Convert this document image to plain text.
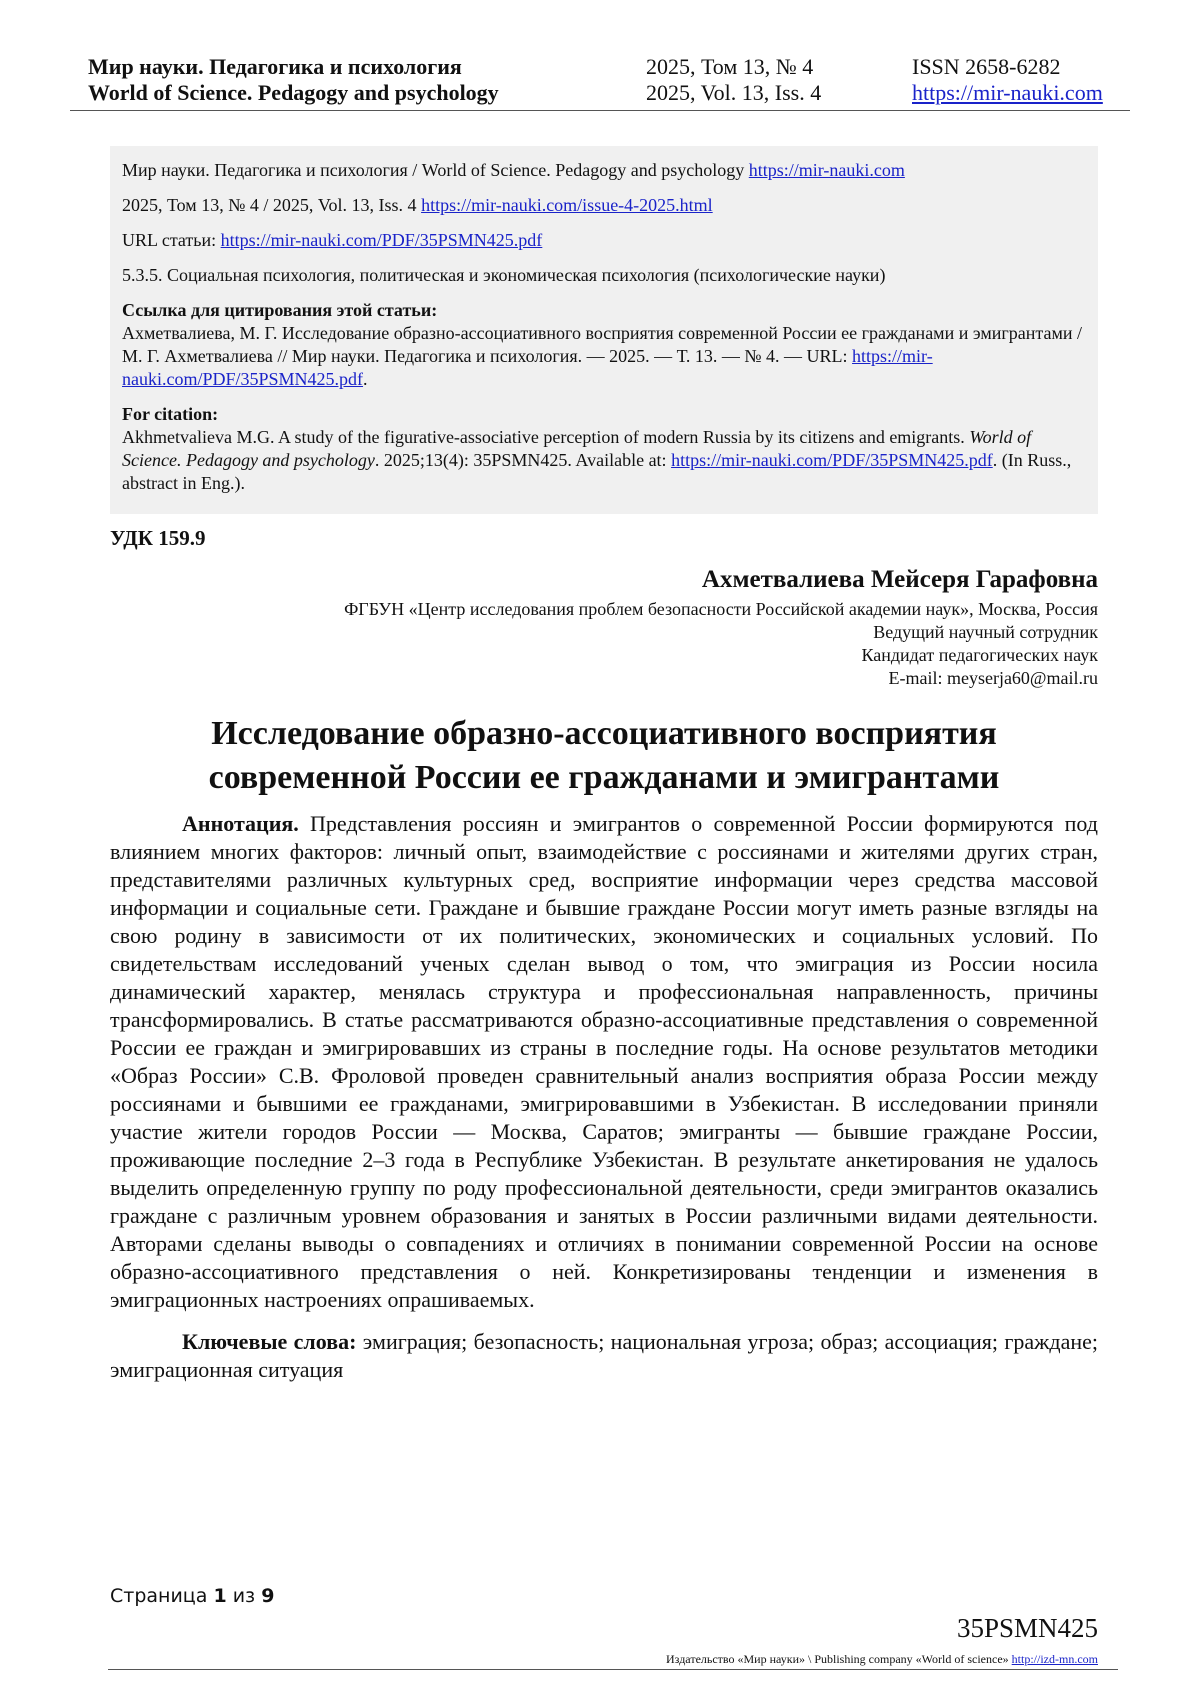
Мир науки. Педагогика и психология
World of Science. Pedagogy and psychology
2025, Том 13, № 4
2025, Vol. 13, Iss. 4
ISSN 2658-6282
https://mir-nauki.com

Мир науки. Педагогика и психология / World of Science. Pedagogy and psychology https://mir-nauki.com

2025, Том 13, № 4 / 2025, Vol. 13, Iss. 4 https://mir-nauki.com/issue-4-2025.html

URL статьи: https://mir-nauki.com/PDF/35PSMN425.pdf

5.3.5. Социальная психология, политическая и экономическая психология (психологические науки)

Ссылка для цитирования этой статьи:
Ахметвалиева, М. Г. Исследование образно-ассоциативного восприятия современной России ее гражданами и эмигрантами / М. Г. Ахметвалиева // Мир науки. Педагогика и психология. — 2025. — Т. 13. — № 4. — URL: https://mir-nauki.com/PDF/35PSMN425.pdf.

For citation:
Akhmetvalieva M.G. A study of the figurative-associative perception of modern Russia by its citizens and emigrants. World of Science. Pedagogy and psychology. 2025;13(4): 35PSMN425. Available at: https://mir-nauki.com/PDF/35PSMN425.pdf. (In Russ., abstract in Eng.).

УДК 159.9
Ахметвалиева Мейсеря Гарафовна
ФГБУН «Центр исследования проблем безопасности Российской академии наук», Москва, Россия
Ведущий научный сотрудник
Кандидат педагогических наук
E-mail: meyserja60@mail.ru
Исследование образно-ассоциативного восприятия
современной России ее гражданами и эмигрантами

Аннотация. Представления россиян и эмигрантов о современной России формируются под влиянием многих факторов: личный опыт, взаимодействие с россиянами и жителями других стран, представителями различных культурных сред, восприятие информации через средства массовой информации и социальные сети. Граждане и бывшие граждане России могут иметь разные взгляды на свою родину в зависимости от их политических, экономических и социальных условий. По свидетельствам исследований ученых сделан вывод о том, что эмиграция из России носила динамический характер, менялась структура и профессиональная направленность, причины трансформировались. В статье рассматриваются образно-ассоциативные представления о современной России ее граждан и эмигрировавших из страны в последние годы. На основе результатов методики «Образ России» С.В. Фроловой проведен сравнительный анализ восприятия образа России между россиянами и бывшими ее гражданами, эмигрировавшими в Узбекистан. В исследовании приняли участие жители городов России — Москва, Саратов; эмигранты — бывшие граждане России, проживающие последние 2–3 года в Республике Узбекистан. В результате анкетирования не удалось выделить определенную группу по роду профессиональной деятельности, среди эмигрантов оказались граждане с различным уровнем образования и занятых в России различными видами деятельности. Авторами сделаны выводы о совпадениях и отличиях в понимании современной России на основе образно-ассоциативного представления о ней. Конкретизированы тенденции и изменения в эмиграционных настроениях опрашиваемых.

Ключевые слова: эмиграция; безопасность; национальная угроза; образ; ассоциация; граждане; эмиграционная ситуация

Страница 1 из 9
35PSMN425
Издательство «Мир науки» \ Publishing company «World of science» http://izd-mn.com
